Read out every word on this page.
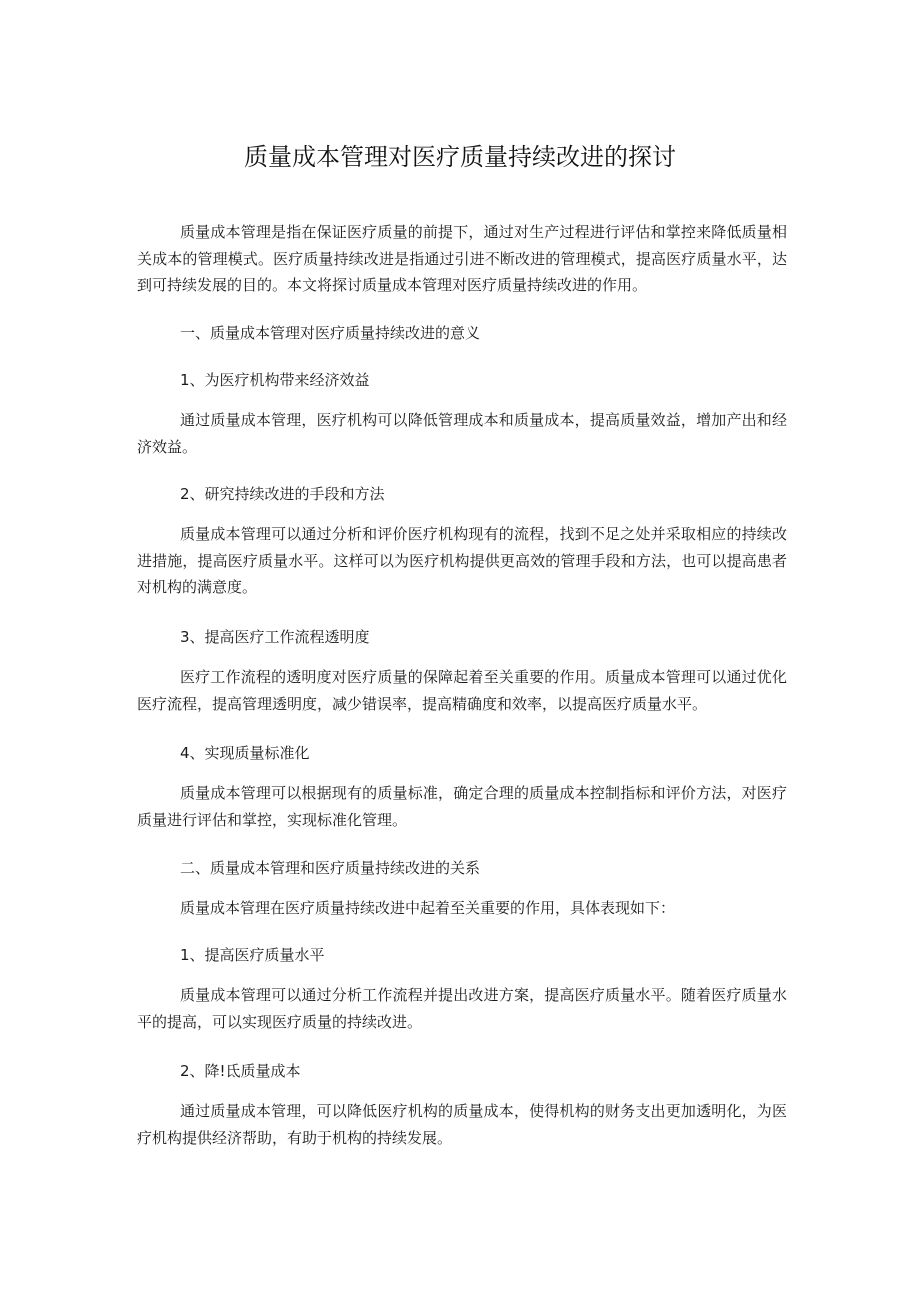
质量成本管理对医疗质量持续改进的探讨

质量成本管理是指在保证医疗质量的前提下，通过对生产过程进行评估和掌控来降低质量相关成本的管理模式。医疗质量持续改进是指通过引进不断改进的管理模式，提高医疗质量水平，达到可持续发展的目的。本文将探讨质量成本管理对医疗质量持续改进的作用。

一、质量成本管理对医疗质量持续改进的意义

1、为医疗机构带来经济效益

通过质量成本管理，医疗机构可以降低管理成本和质量成本，提高质量效益，增加产出和经济效益。

2、研究持续改进的手段和方法

质量成本管理可以通过分析和评价医疗机构现有的流程，找到不足之处并采取相应的持续改进措施，提高医疗质量水平。这样可以为医疗机构提供更高效的管理手段和方法，也可以提高患者对机构的满意度。

3、提高医疗工作流程透明度

医疗工作流程的透明度对医疗质量的保障起着至关重要的作用。质量成本管理可以通过优化医疗流程，提高管理透明度，减少错误率，提高精确度和效率，以提高医疗质量水平。

4、实现质量标准化

质量成本管理可以根据现有的质量标准，确定合理的质量成本控制指标和评价方法，对医疗质量进行评估和掌控，实现标准化管理。

二、质量成本管理和医疗质量持续改进的关系

质量成本管理在医疗质量持续改进中起着至关重要的作用，具体表现如下：

1、提高医疗质量水平

质量成本管理可以通过分析工作流程并提出改进方案，提高医疗质量水平。随着医疗质量水平的提高，可以实现医疗质量的持续改进。

2、降!氐质量成本

通过质量成本管理，可以降低医疗机构的质量成本，使得机构的财务支出更加透明化，为医疗机构提供经济帮助，有助于机构的持续发展。
